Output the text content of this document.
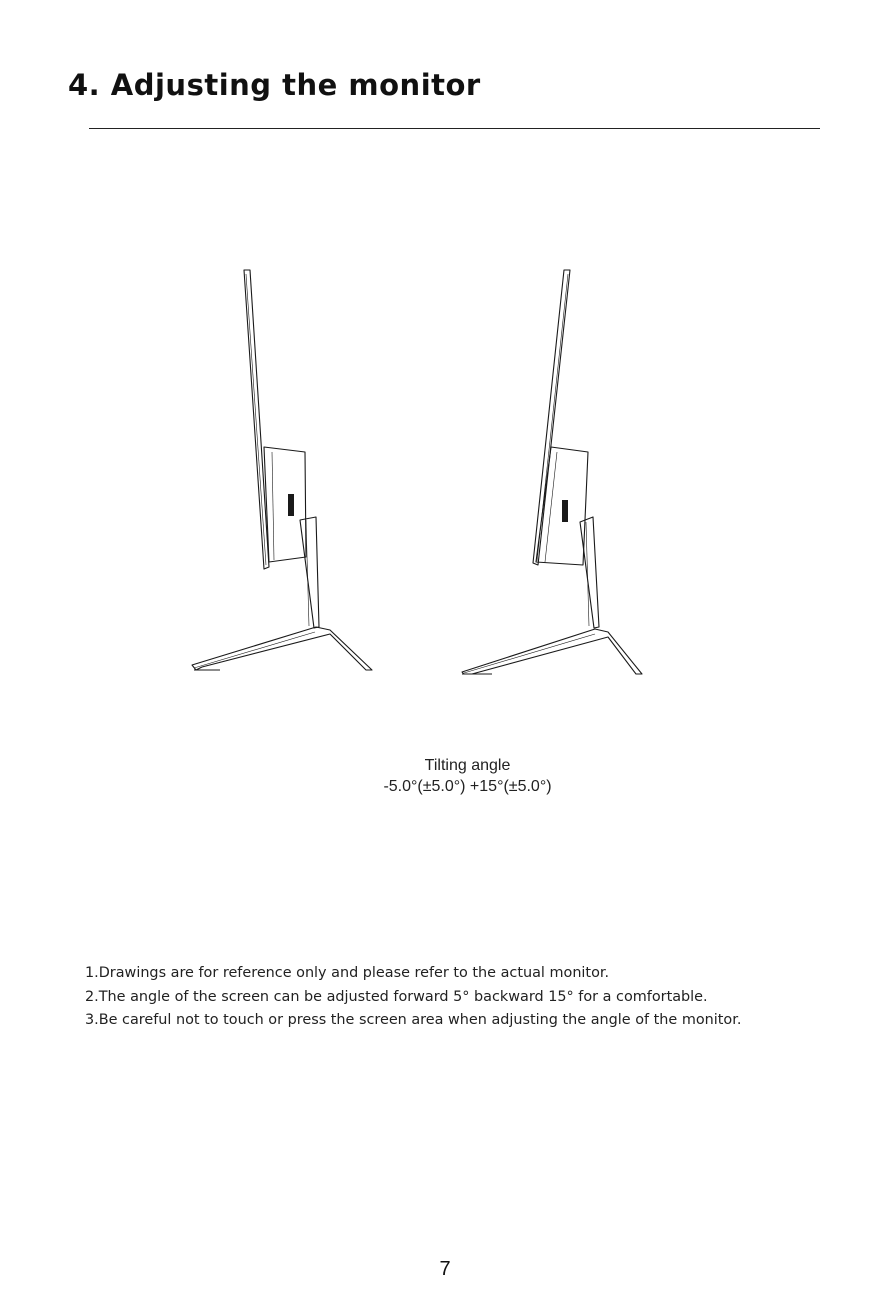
4. Adjusting the monitor
Tilting angle
-5.0°(±5.0°) +15°(±5.0°)
1.Drawings are for reference only and please refer to the actual monitor.
2.The angle of the screen can be adjusted forward 5° backward 15° for a comfortable.
3.Be careful not to touch or press the screen area when adjusting the angle of the monitor.
7
